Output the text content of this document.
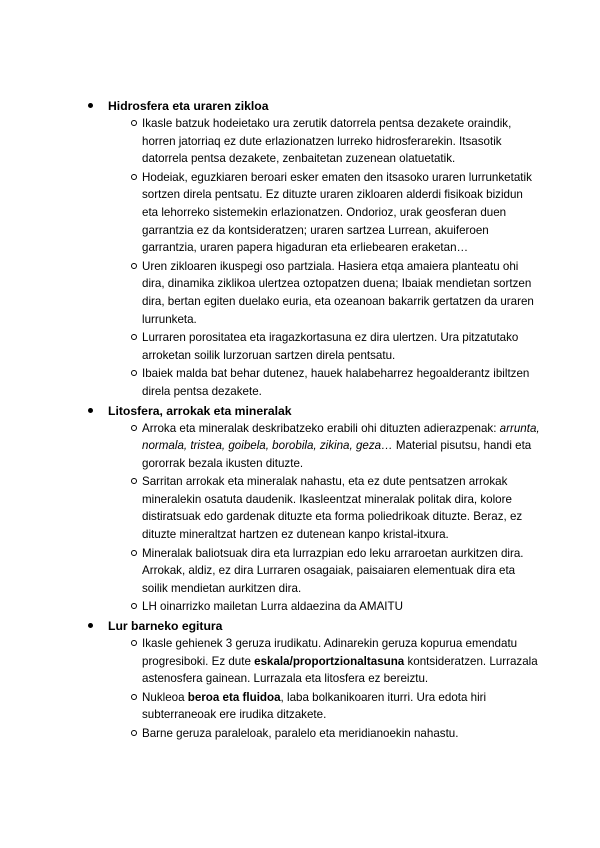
Hidrosfera eta uraren zikloa

Ikasle batzuk hodeietako ura zerutik datorrela pentsa dezakete oraindik, horren jatorriaq ez dute erlazionatzen lurreko hidrosferarekin. Itsasotik datorrela pentsa dezakete, zenbaitetan zuzenean olatuetatik.
Hodeiak, eguzkiaren beroari esker ematen den itsasoko uraren lurrunketatik sortzen direla pentsatu. Ez dituzte uraren zikloaren alderdi fisikoak bizidun eta lehorreko sistemekin erlazionatzen. Ondorioz, urak geosferan duen garrantzia ez da kontsideratzen; uraren sartzea Lurrean, akuiferoen garrantzia, uraren papera higaduran eta erliebearen eraketan…
Uren zikloaren ikuspegi oso partziala. Hasiera etqa amaiera planteatu ohi dira, dinamika ziklikoa ulertzea oztopatzen duena; Ibaiak mendietan sortzen dira, bertan egiten duelako euria, eta ozeanoan bakarrik gertatzen da uraren lurrunketa.
Lurraren porositatea eta iragazkortasuna ez dira ulertzen. Ura pitzatutako arroketan soilik lurzoruan sartzen direla pentsatu.
Ibaiek malda bat behar dutenez, hauek halabeharrez hegoalderantz ibiltzen direla pentsa dezakete.

Litosfera, arrokak eta mineralak

Arroka eta mineralak deskribatzeko erabili ohi dituzten adierazpenak: arrunta, normala, tristea, goibela, borobila, zikina, geza… Material pisutsu, handi eta gororrak bezala ikusten dituzte.
Sarritan arrokak eta mineralak nahastu, eta ez dute pentsatzen arrokak mineralekin osatuta daudenik. Ikasleentzat mineralak politak dira, kolore distiratsuak edo gardenak dituzte eta forma poliedrikoak dituzte. Beraz, ez dituzte mineraltzat hartzen ez dutenean kanpo kristal-itxura.
Mineralak baliotsuak dira eta lurrazpian edo leku arraroetan aurkitzen dira. Arrokak, aldiz, ez dira Lurraren osagaiak, paisaiaren elementuak dira eta soilik mendietan aurkitzen dira.
LH oinarrizko mailetan Lurra aldaezina da AMAITU

Lur barneko egitura

Ikasle gehienek 3 geruza irudikatu. Adinarekin geruza kopurua emendatu progresiboki. Ez dute eskala/proportzionaltasuna kontsideratzen. Lurrazala astenosfera gainean. Lurrazala eta litosfera ez bereiztu.
Nukleoa beroa eta fluidoa, laba bolkanikoaren iturri. Ura edota hiri subterraneoak ere irudika ditzakete.
Barne geruza paraleloak, paralelo eta meridianoekin nahastu.
